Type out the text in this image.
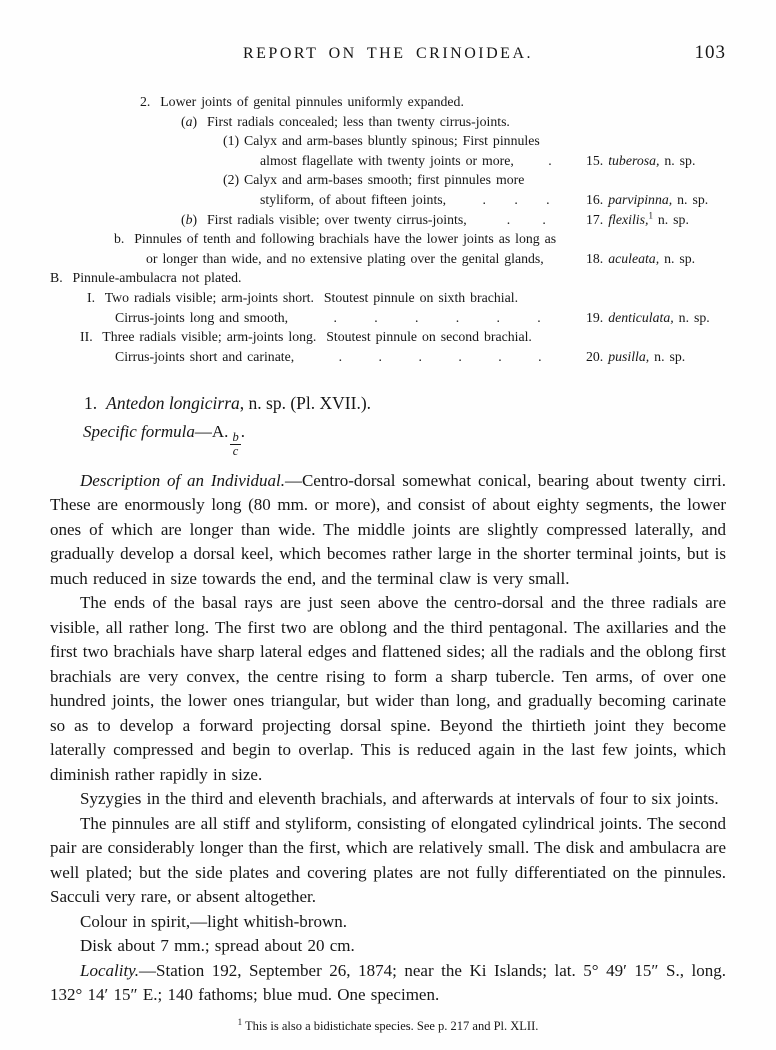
REPORT ON THE CRINOIDEA.	103
2.  Lower joints of genital pinnules uniformly expanded.
(a)  First radials concealed; less than twenty cirrus-joints.
(1) Calyx and arm-bases bluntly spinous; First pinnules
almost flagellate with twenty joints or more, . 15. tuberosa, n. sp.
(2) Calyx and arm-bases smooth; first pinnules more
styliform, of about fifteen joints,	. . .	16. parvipinna, n. sp.
(b)  First radials visible; over twenty cirrus-joints,	. .	17. flexilis,$^1$ n. sp.
b.  Pinnules of tenth and following brachials have the lower joints as long as
or longer than wide, and no extensive plating over the genital glands,	18. aculeata, n. sp.
B.  Pinnule-ambulacra not plated.
I.  Two radials visible; arm-joints short.  Stoutest pinnule on sixth brachial.
Cirrus-joints long and smooth,	.	.	.	.	.	.	19. denticulata, n. sp.
II.  Three radials visible; arm-joints long.  Stoutest pinnule on second brachial.
Cirrus-joints short and carinate,	.	.	.	.	.	.	20. pusilla, n. sp.
1. Antedon longicirra, n. sp. (Pl. XVII.).
Specific formula—A. $\frac{b}{c}$ .

Description of an Individual.—Centro-dorsal somewhat conical, bearing about twenty cirri. These are enormously long (80 mm. or more), and consist of about eighty segments, the lower ones of which are longer than wide. The middle joints are slightly compressed laterally, and gradually develop a dorsal keel, which becomes rather large in the shorter terminal joints, but is much reduced in size towards the end, and the terminal claw is very small.

The ends of the basal rays are just seen above the centro-dorsal and the three radials are visible, all rather long. The first two are oblong and the third pentagonal. The axillaries and the first two brachials have sharp lateral edges and flattened sides; all the radials and the oblong first brachials are very convex, the centre rising to form a sharp tubercle. Ten arms, of over one hundred joints, the lower ones triangular, but wider than long, and gradually becoming carinate so as to develop a forward projecting dorsal spine. Beyond the thirtieth joint they become laterally compressed and begin to overlap. This is reduced again in the last few joints, which diminish rather rapidly in size.

Syzygies in the third and eleventh brachials, and afterwards at intervals of four to six joints.

The pinnules are all stiff and styliform, consisting of elongated cylindrical joints. The second pair are considerably longer than the first, which are relatively small. The disk and ambulacra are well plated; but the side plates and covering plates are not fully differentiated on the pinnules. Sacculi very rare, or absent altogether.

Colour in spirit,—light whitish-brown.

Disk about 7 mm.; spread about 20 cm.

Locality.—Station 192, September 26, 1874; near the Ki Islands; lat. 5° 49′ 15″ S., long. 132° 14′ 15″ E.; 140 fathoms; blue mud. One specimen.

$^1$ This is also a bidistichate species. See p. 217 and Pl. XLII.
